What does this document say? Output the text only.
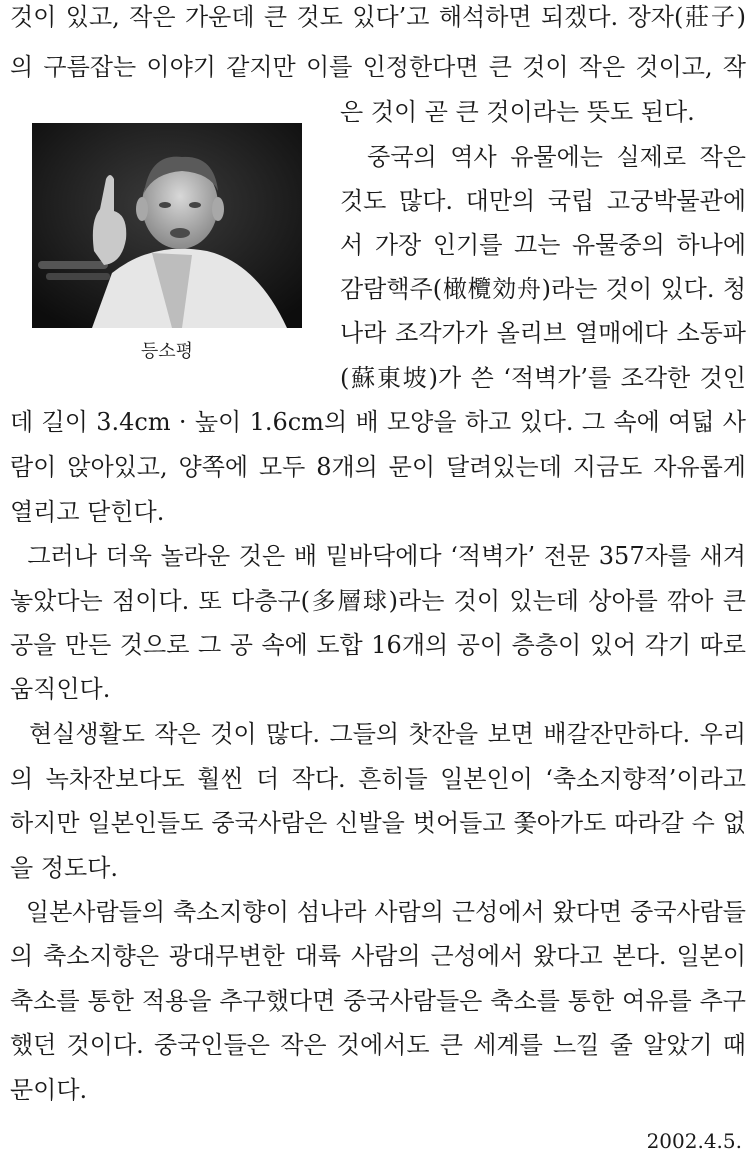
것이 있고, 작은 가운데 큰 것도 있다’고 해석하면 되겠다. 장자(莊子)
의 구름잡는 이야기 같지만 이를 인정한다면 큰 것이 작은 것이고, 작
등소평
은 것이 곧 큰 것이라는 뜻도 된다.
중국의 역사 유물에는 실제로 작은
것도 많다. 대만의 국립 고궁박물관에
서 가장 인기를 끄는 유물중의 하나에
감람핵주(橄欖効舟)라는 것이 있다. 청
나라 조각가가 올리브 열매에다 소동파
(蘇東坡)가 쓴 ‘적벽가’를 조각한 것인
데 길이 3.4cm · 높이 1.6cm의 배 모양을 하고 있다. 그 속에 여덟 사
람이 앉아있고, 양쪽에 모두 8개의 문이 달려있는데 지금도 자유롭게
열리고 닫힌다.
그러나 더욱 놀라운 것은 배 밑바닥에다 ‘적벽가’ 전문 357자를 새겨
놓았다는 점이다. 또 다층구(多層球)라는 것이 있는데 상아를 깎아 큰
공을 만든 것으로 그 공 속에 도합 16개의 공이 층층이 있어 각기 따로
움직인다.
현실생활도 작은 것이 많다. 그들의 찻잔을 보면 배갈잔만하다. 우리
의 녹차잔보다도 훨씬 더 작다. 흔히들 일본인이 ‘축소지향적’이라고
하지만 일본인들도 중국사람은 신발을 벗어들고 쫓아가도 따라갈 수 없
을 정도다.
일본사람들의 축소지향이 섬나라 사람의 근성에서 왔다면 중국사람들
의 축소지향은 광대무변한 대륙 사람의 근성에서 왔다고 본다. 일본이
축소를 통한 적용을 추구했다면 중국사람들은 축소를 통한 여유를 추구
했던 것이다. 중국인들은 작은 것에서도 큰 세계를 느낄 줄 알았기 때
문이다.
2002.4.5.
